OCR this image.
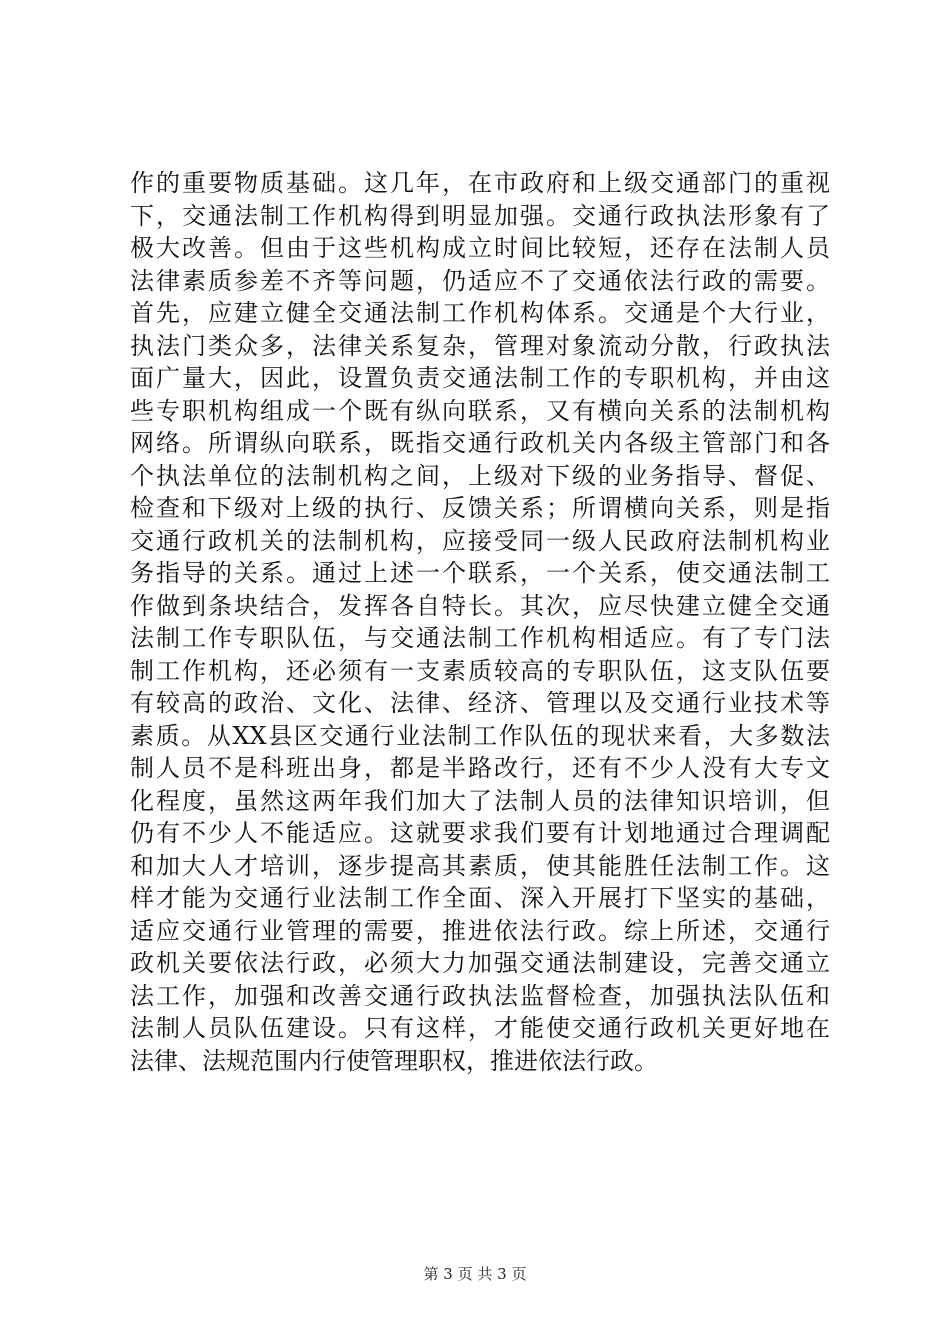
作的重要物质基础。这几年，在市政府和上级交通部门的重视
下，交通法制工作机构得到明显加强。交通行政执法形象有了
极大改善。但由于这些机构成立时间比较短，还存在法制人员
法律素质参差不齐等问题，仍适应不了交通依法行政的需要。
首先，应建立健全交通法制工作机构体系。交通是个大行业，
执法门类众多，法律关系复杂，管理对象流动分散，行政执法
面广量大，因此，设置负责交通法制工作的专职机构，并由这
些专职机构组成一个既有纵向联系，又有横向关系的法制机构
网络。所谓纵向联系，既指交通行政机关内各级主管部门和各
个执法单位的法制机构之间，上级对下级的业务指导、督促、
检查和下级对上级的执行、反馈关系；所谓横向关系，则是指
交通行政机关的法制机构，应接受同一级人民政府法制机构业
务指导的关系。通过上述一个联系，一个关系，使交通法制工
作做到条块结合，发挥各自特长。其次，应尽快建立健全交通
法制工作专职队伍，与交通法制工作机构相适应。有了专门法
制工作机构，还必须有一支素质较高的专职队伍，这支队伍要
有较高的政治、文化、法律、经济、管理以及交通行业技术等
素质。从XX县区交通行业法制工作队伍的现状来看，大多数法
制人员不是科班出身，都是半路改行，还有不少人没有大专文
化程度，虽然这两年我们加大了法制人员的法律知识培训，但
仍有不少人不能适应。这就要求我们要有计划地通过合理调配
和加大人才培训，逐步提高其素质，使其能胜任法制工作。这
样才能为交通行业法制工作全面、深入开展打下坚实的基础，
适应交通行业管理的需要，推进依法行政。综上所述，交通行
政机关要依法行政，必须大力加强交通法制建设，完善交通立
法工作，加强和改善交通行政执法监督检查，加强执法队伍和
法制人员队伍建设。只有这样，才能使交通行政机关更好地在
法律、法规范围内行使管理职权，推进依法行政。
第 3 页 共 3 页
